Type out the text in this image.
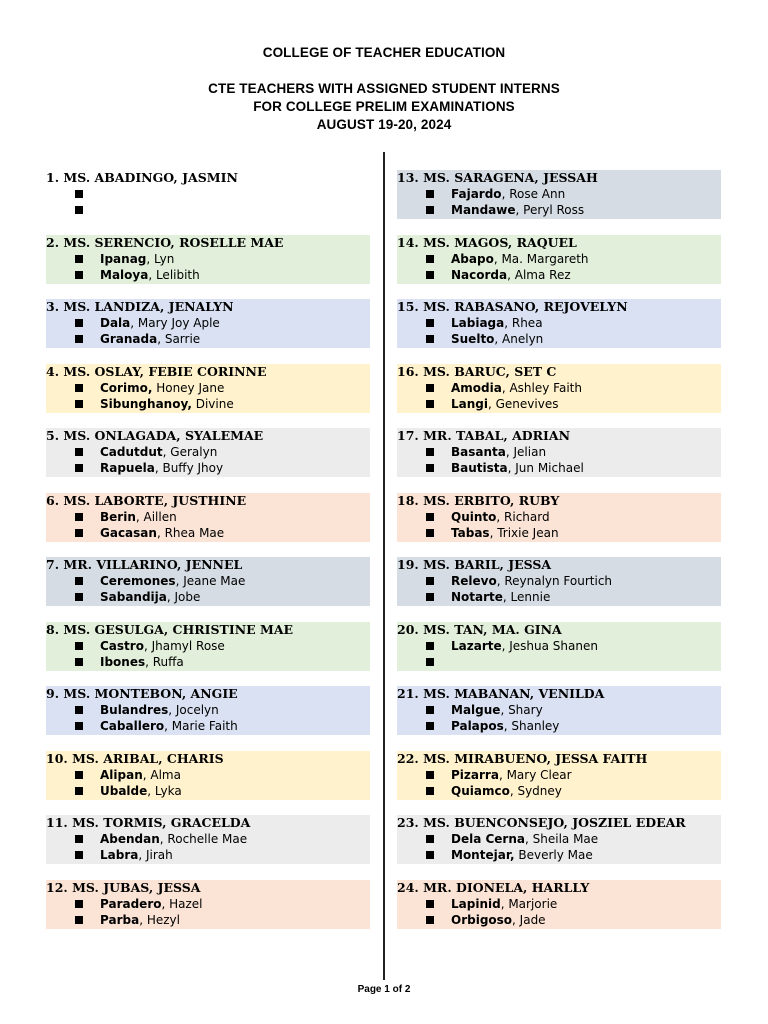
COLLEGE OF TEACHER EDUCATION
CTE TEACHERS WITH ASSIGNED STUDENT INTERNS
FOR COLLEGE PRELIM EXAMINATIONS
AUGUST 19-20, 2024
1. MS. ABADINGO, JASMIN
2. MS. SERENCIO, ROSELLE MAE
Ipanag, Lyn
Maloya, Lelibith
3. MS. LANDIZA, JENALYN
Dala, Mary Joy Aple
Granada, Sarrie
4. MS. OSLAY, FEBIE CORINNE
Corimo, Honey Jane
Sibunghanoy, Divine
5. MS. ONLAGADA, SYALEMAE
Cadutdut, Geralyn
Rapuela, Buffy Jhoy
6. MS. LABORTE, JUSTHINE
Berin, Aillen
Gacasan, Rhea Mae
7. MR. VILLARINO, JENNEL
Ceremones, Jeane Mae
Sabandija, Jobe
8. MS. GESULGA, CHRISTINE MAE
Castro, Jhamyl Rose
Ibones, Ruffa
9. MS. MONTEBON, ANGIE
Bulandres, Jocelyn
Caballero, Marie Faith
10. MS. ARIBAL, CHARIS
Alipan, Alma
Ubalde, Lyka
11. MS. TORMIS, GRACELDA
Abendan, Rochelle Mae
Labra, Jirah
12. MS. JUBAS, JESSA
Paradero, Hazel
Parba, Hezyl
13. MS. SARAGENA, JESSAH
Fajardo, Rose Ann
Mandawe, Peryl Ross
14. MS. MAGOS, RAQUEL
Abapo, Ma. Margareth
Nacorda, Alma Rez
15. MS. RABASANO, REJOVELYN
Labiaga, Rhea
Suelto, Anelyn
16. MS. BARUC, SET C
Amodia, Ashley Faith
Langi, Genevives
17. MR. TABAL, ADRIAN
Basanta, Jelian
Bautista, Jun Michael
18. MS. ERBITO, RUBY
Quinto, Richard
Tabas, Trixie Jean
19. MS. BARIL, JESSA
Relevo, Reynalyn Fourtich
Notarte, Lennie
20. MS. TAN, MA. GINA
Lazarte, Jeshua Shanen
21. MS. MABANAN, VENILDA
Malgue, Shary
Palapos, Shanley
22. MS. MIRABUENO, JESSA FAITH
Pizarra, Mary Clear
Quiamco, Sydney
23. MS. BUENCONSEJO, JOSZIEL EDEAR
Dela Cerna, Sheila Mae
Montejar, Beverly Mae
24. MR. DIONELA, HARLLY
Lapinid, Marjorie
Orbigoso, Jade
Page 1 of 2
